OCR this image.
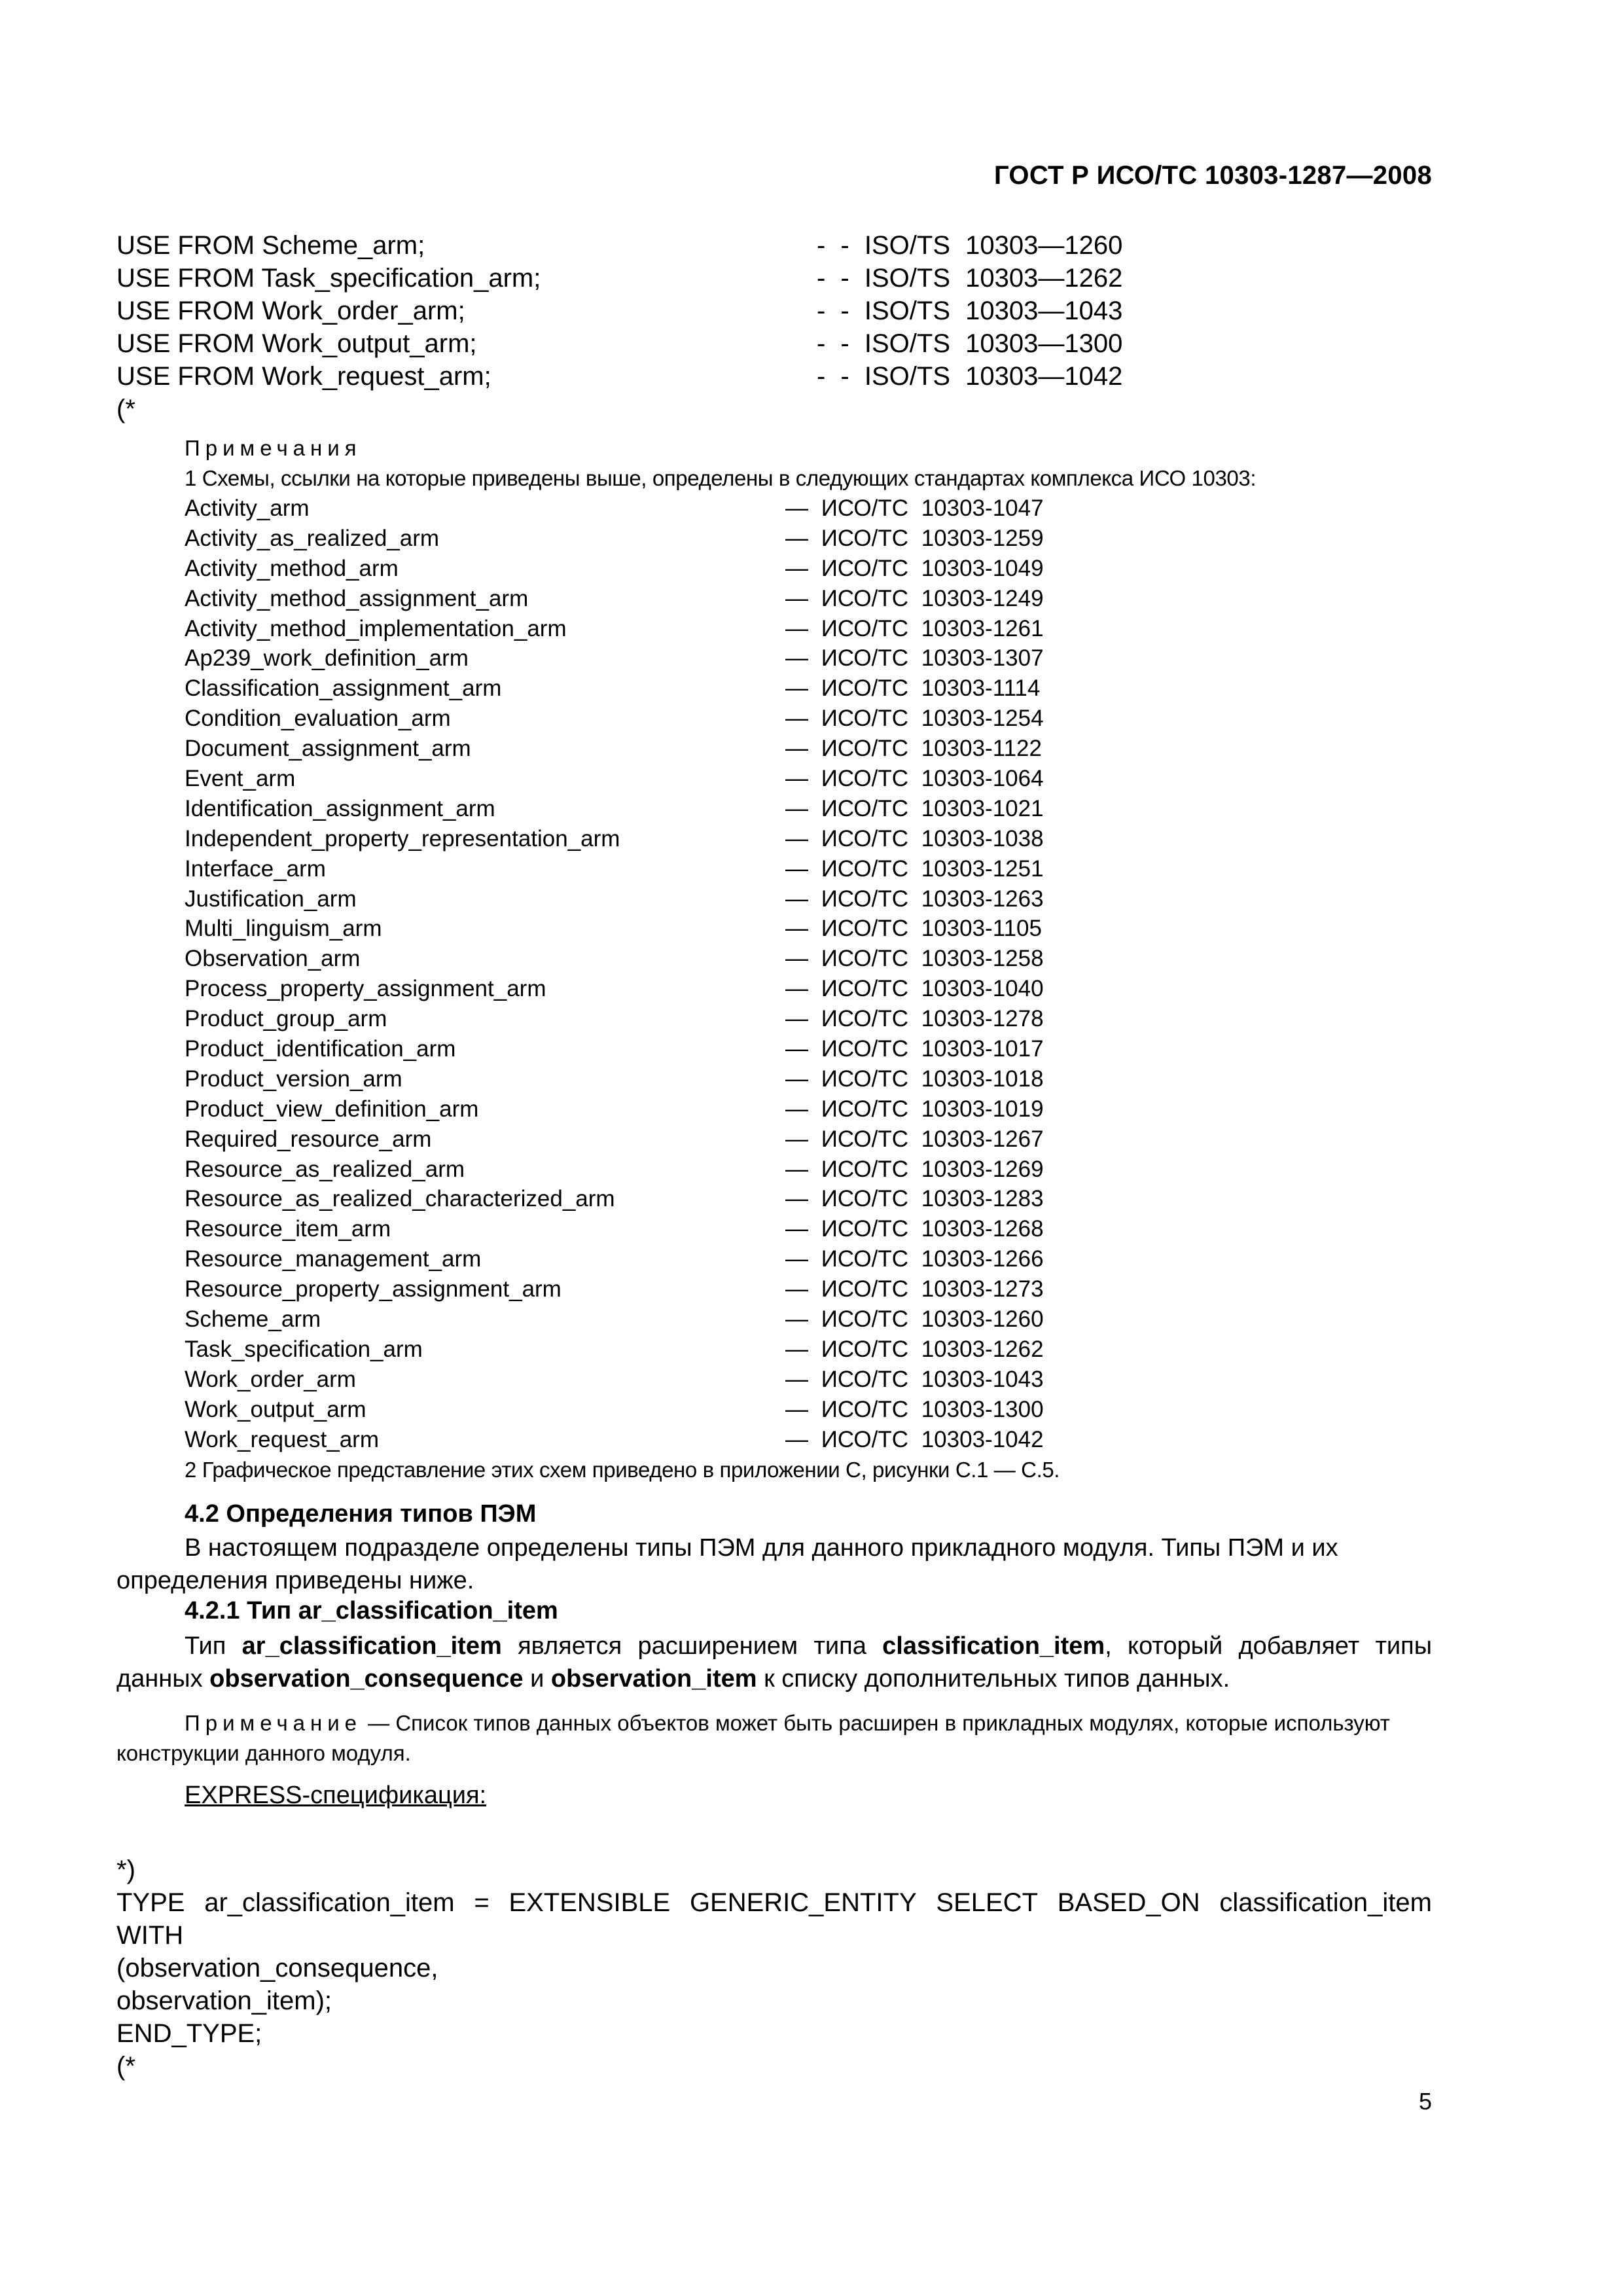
ГОСТ Р ИСО/ТС 10303-1287—2008
USE FROM Scheme_arm;	- - ISO/TS 10303—1260
USE FROM Task_specification_arm;	- - ISO/TS 10303—1262
USE FROM Work_order_arm;	- - ISO/TS 10303—1043
USE FROM Work_output_arm;	- - ISO/TS 10303—1300
USE FROM Work_request_arm;	- - ISO/TS 10303—1042
(*
Примечания
1 Схемы, ссылки на которые приведены выше, определены в следующих стандартах комплекса ИСО 10303:
Activity_arm	— ИСО/ТС 10303-1047
Activity_as_realized_arm	— ИСО/ТС 10303-1259
Activity_method_arm	— ИСО/ТС 10303-1049
Activity_method_assignment_arm	— ИСО/ТС 10303-1249
Activity_method_implementation_arm	— ИСО/ТС 10303-1261
Ap239_work_definition_arm	— ИСО/ТС 10303-1307
Classification_assignment_arm	— ИСО/ТС 10303-1114
Condition_evaluation_arm	— ИСО/ТС 10303-1254
Document_assignment_arm	— ИСО/ТС 10303-1122
Event_arm	— ИСО/ТС 10303-1064
Identification_assignment_arm	— ИСО/ТС 10303-1021
Independent_property_representation_arm	— ИСО/ТС 10303-1038
Interface_arm	— ИСО/ТС 10303-1251
Justification_arm	— ИСО/ТС 10303-1263
Multi_linguism_arm	— ИСО/ТС 10303-1105
Observation_arm	— ИСО/ТС 10303-1258
Process_property_assignment_arm	— ИСО/ТС 10303-1040
Product_group_arm	— ИСО/ТС 10303-1278
Product_identification_arm	— ИСО/ТС 10303-1017
Product_version_arm	— ИСО/ТС 10303-1018
Product_view_definition_arm	— ИСО/ТС 10303-1019
Required_resource_arm	— ИСО/ТС 10303-1267
Resource_as_realized_arm	— ИСО/ТС 10303-1269
Resource_as_realized_characterized_arm	— ИСО/ТС 10303-1283
Resource_item_arm	— ИСО/ТС 10303-1268
Resource_management_arm	— ИСО/ТС 10303-1266
Resource_property_assignment_arm	— ИСО/ТС 10303-1273
Scheme_arm	— ИСО/ТС 10303-1260
Task_specification_arm	— ИСО/ТС 10303-1262
Work_order_arm	— ИСО/ТС 10303-1043
Work_output_arm	— ИСО/ТС 10303-1300
Work_request_arm	— ИСО/ТС 10303-1042
2 Графическое представление этих схем приведено в приложении C, рисунки C.1 — C.5.
4.2 Определения типов ПЭМ
В настоящем подразделе определены типы ПЭМ для данного прикладного модуля. Типы ПЭМ и их определения приведены ниже.
4.2.1 Тип ar_classification_item
Тип ar_classification_item является расширением типа classification_item, который добавляет типы данных observation_consequence и observation_item к списку дополнительных типов данных.
Примечание — Список типов данных объектов может быть расширен в прикладных модулях, которые используют конструкции данного модуля.
EXPRESS-спецификация:
*)
TYPE ar_classification_item = EXTENSIBLE GENERIC_ENTITY SELECT BASED_ON classification_item
WITH
(observation_consequence,
observation_item);
END_TYPE;
(*
5
